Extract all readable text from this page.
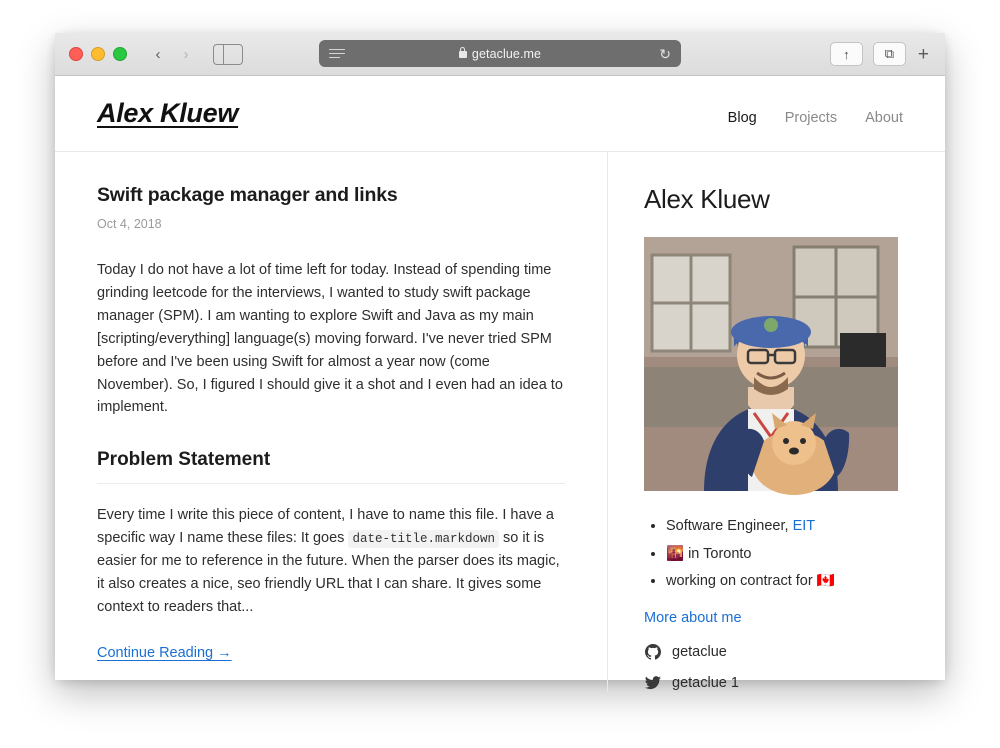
‹	›	getaclue.me	↻	↑	⧉	+
Alex Kluew	Blog Projects About
Swift package manager and links
Oct 4, 2018
Today I do not have a lot of time left for today. Instead of spending time grinding leetcode for the interviews, I wanted to study swift package manager (SPM). I am wanting to explore Swift and Java as my main [scripting/everything] language(s) moving forward. I've never tried SPM before and I've been using Swift for almost a year now (come November). So, I figured I should give it a shot and I even had an idea to implement.
Problem Statement
Every time I write this piece of content, I have to name this file. I have a specific way I name these files: It goes date-title.markdown so it is easier for me to reference in the future. When the parser does its magic, it also creates a nice, seo friendly URL that I can share. It gives some context to readers that...
Continue Reading →
Alex Kluew
• Software Engineer, EIT
• 🌇 in Toronto
• working on contract for 🇨🇦
More about me
getaclue
getaclue 1
